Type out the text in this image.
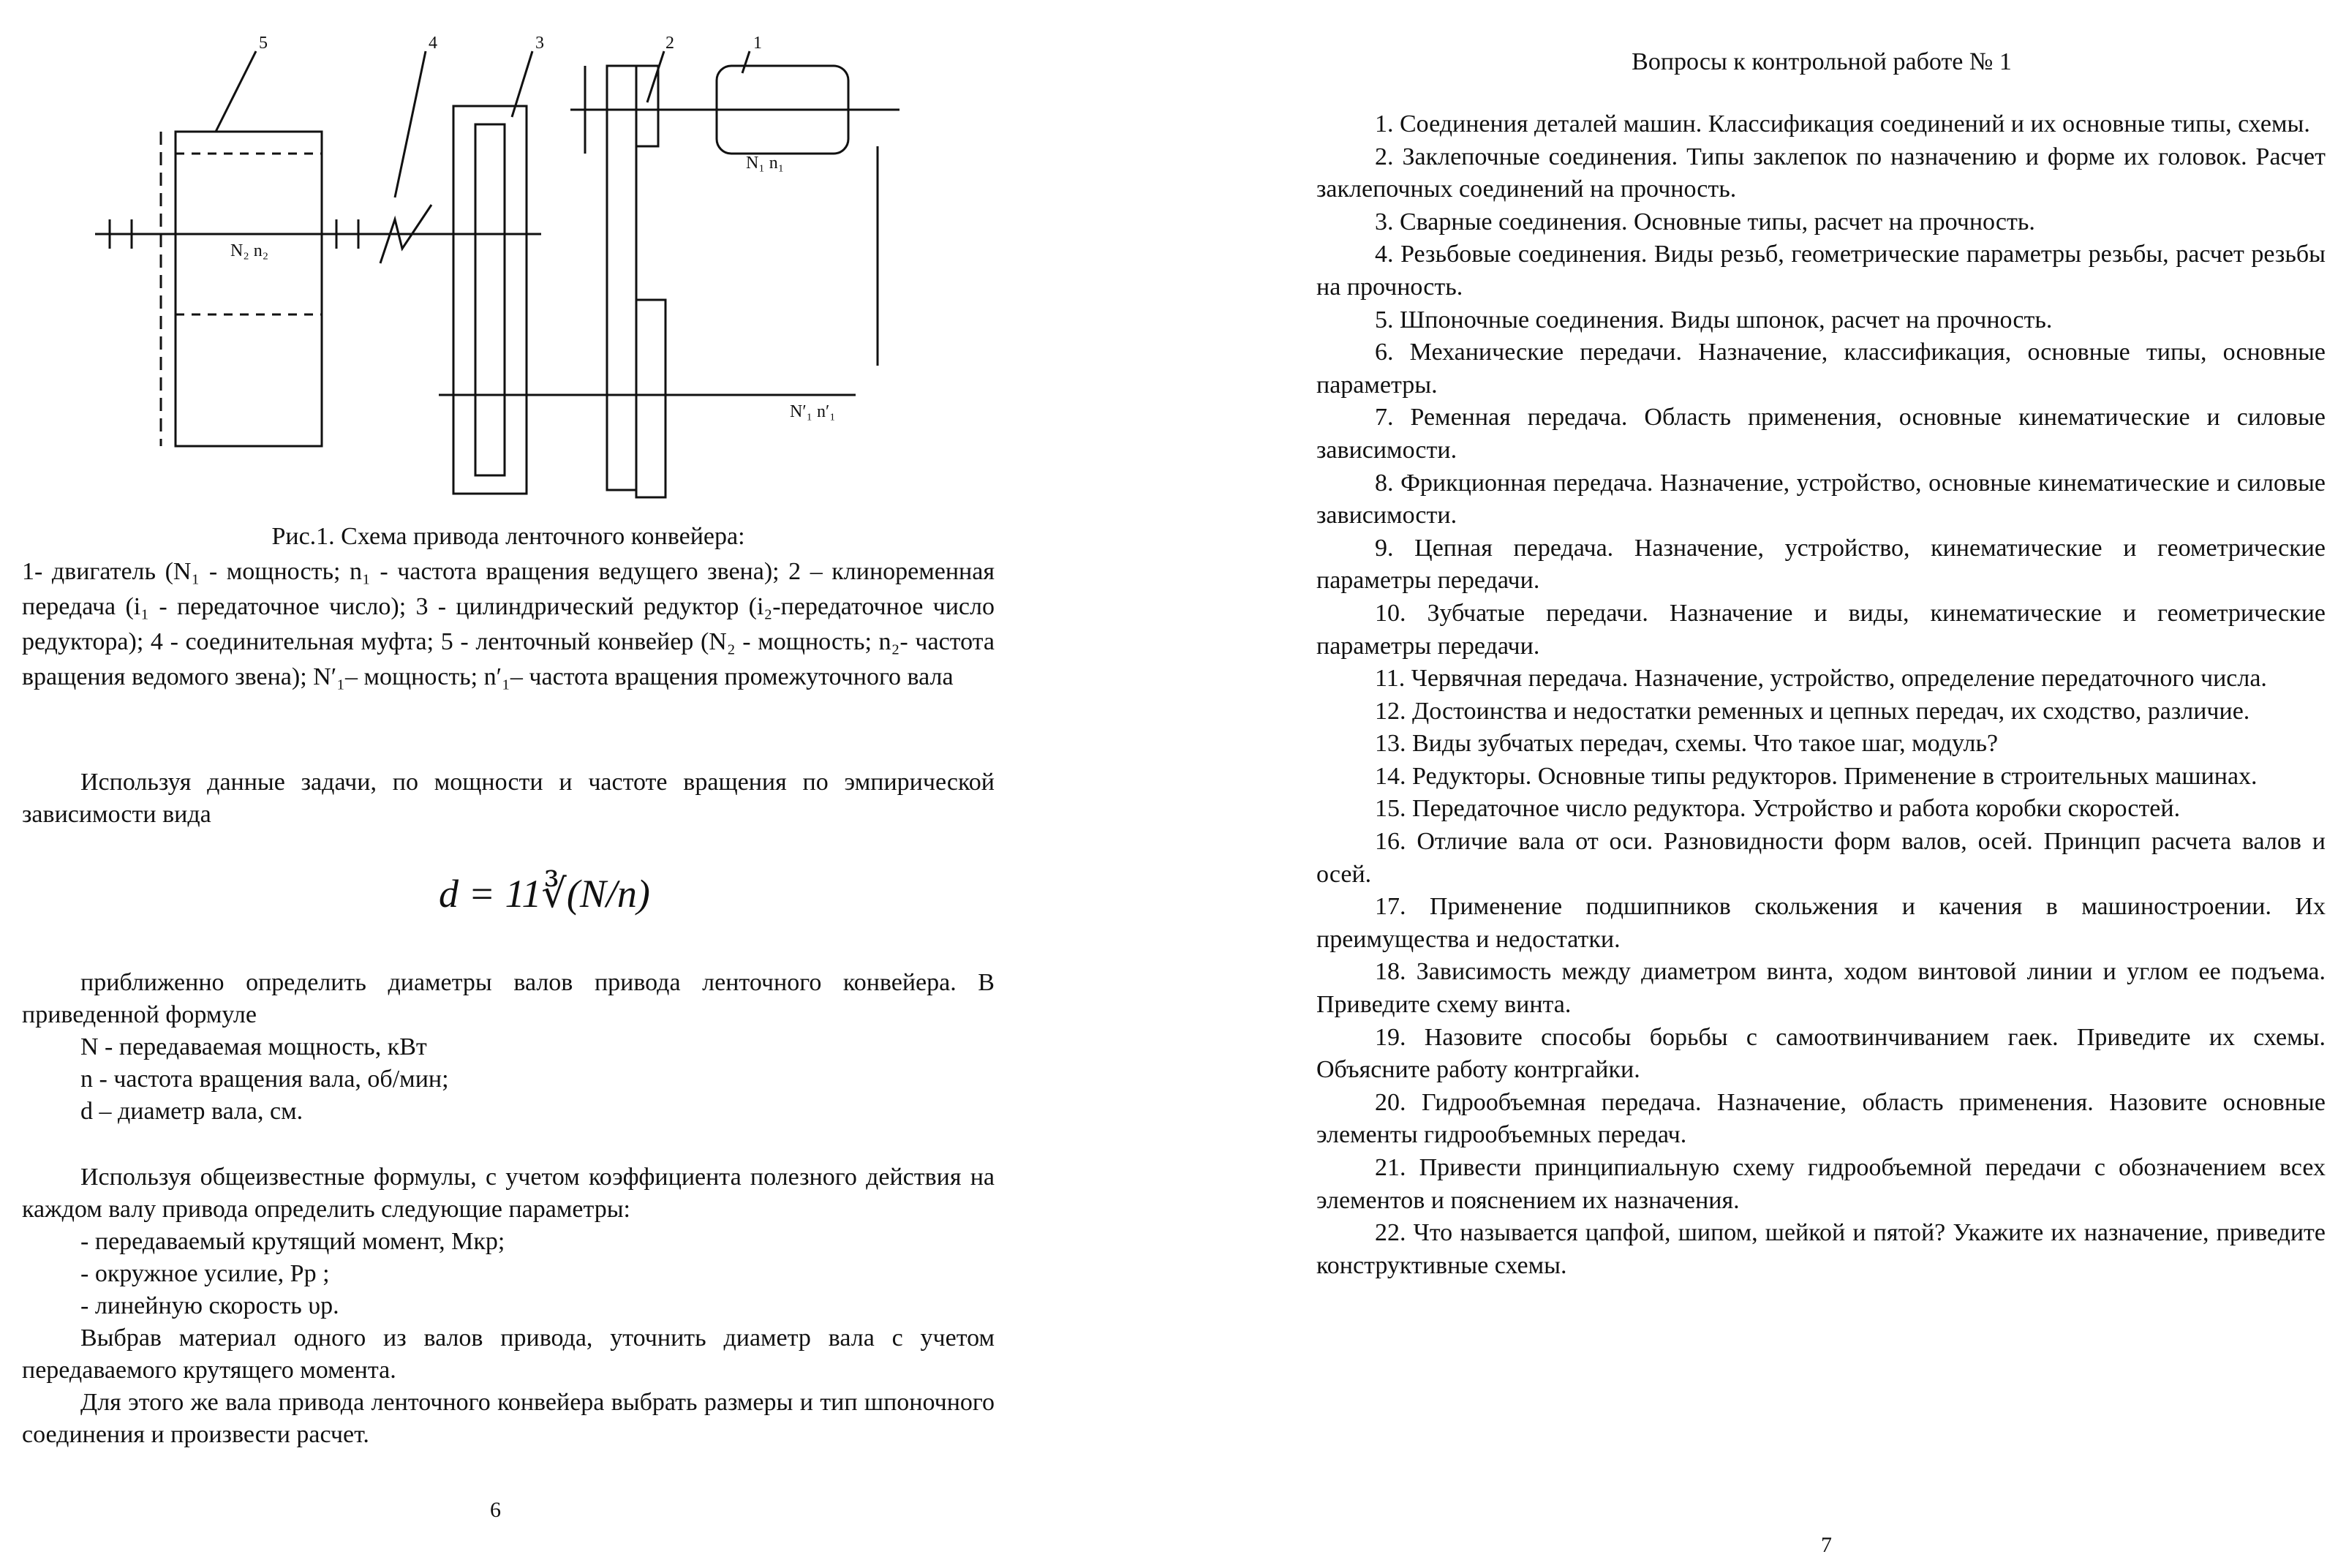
1
2
3
4
5
N₁ n₁
N₂ n₂
N′₁ n′₁
Рис.1. Схема привода ленточного конвейера:
1- двигатель (N₁ - мощность; n₁ - частота вращения ведущего звена); 2 – клиноременная передача (i₁ - передаточное число); 3 - цилиндрический редуктор (i₂-передаточное число редуктора); 4 - соединительная муфта; 5 - ленточный конвейер (N₂ - мощность; n₂- частота вращения ведомого звена); N′₁– мощность; n′₁– частота вращения промежуточного вала
Используя данные задачи, по мощности и частоте вращения по эмпирической зависимости вида
d = 11∛(N/n)
приближенно определить диаметры валов привода ленточного конвейера. В приведенной формуле
N - передаваемая мощность, кВт
n - частота вращения вала, об/мин;
d – диаметр вала, см.
Используя общеизвестные формулы, с учетом коэффициента полезного действия на каждом валу привода определить следующие параметры:
- передаваемый крутящий момент, Мкр;
- окружное усилие, Рр ;
- линейную скорость υр.
Выбрав материал одного из валов привода, уточнить диаметр вала с учетом передаваемого крутящего момента.
Для этого же вала привода ленточного конвейера выбрать размеры и тип шпоночного соединения и произвести расчет.
6
Вопросы к контрольной работе № 1

1. Соединения деталей машин. Классификация соединений и их основные типы, схемы.

2. Заклепочные соединения. Типы заклепок по назначению и форме их головок. Расчет заклепочных соединений на прочность.

3. Сварные соединения. Основные типы, расчет на прочность.

4. Резьбовые соединения. Виды резьб, геометрические параметры резьбы, расчет резьбы на прочность.

5. Шпоночные соединения. Виды шпонок, расчет на прочность.

6. Механические передачи. Назначение, классификация, основные типы, основные параметры.

7. Ременная передача. Область применения, основные кинематические и силовые зависимости.

8. Фрикционная передача. Назначение, устройство, основные кинематические и силовые зависимости.

9. Цепная передача. Назначение, устройство, кинематические и геометрические параметры передачи.

10. Зубчатые передачи. Назначение и виды, кинематические и геометрические параметры передачи.

11. Червячная передача. Назначение, устройство, определение передаточного числа.

12. Достоинства и недостатки ременных и цепных передач, их сходство, различие.

13. Виды зубчатых передач, схемы. Что такое шаг, модуль?

14. Редукторы. Основные типы редукторов. Применение в строительных машинах.

15. Передаточное число редуктора. Устройство и работа коробки скоростей.

16. Отличие вала от оси. Разновидности форм валов, осей. Принцип расчета валов и осей.

17. Применение подшипников скольжения и качения в машиностроении. Их преимущества и недостатки.

18. Зависимость между диаметром винта, ходом винтовой линии и углом ее подъема. Приведите схему винта.

19. Назовите способы борьбы с самоотвинчиванием гаек. Приведите их схемы. Объясните работу контргайки.

20. Гидрообъемная передача. Назначение, область применения. Назовите основные элементы гидрообъемных передач.

21. Привести принципиальную схему гидрообъемной передачи с обозначением всех элементов и пояснением их назначения.

22. Что называется цапфой, шипом, шейкой и пятой? Укажите их назначение, приведите конструктивные схемы.

7
